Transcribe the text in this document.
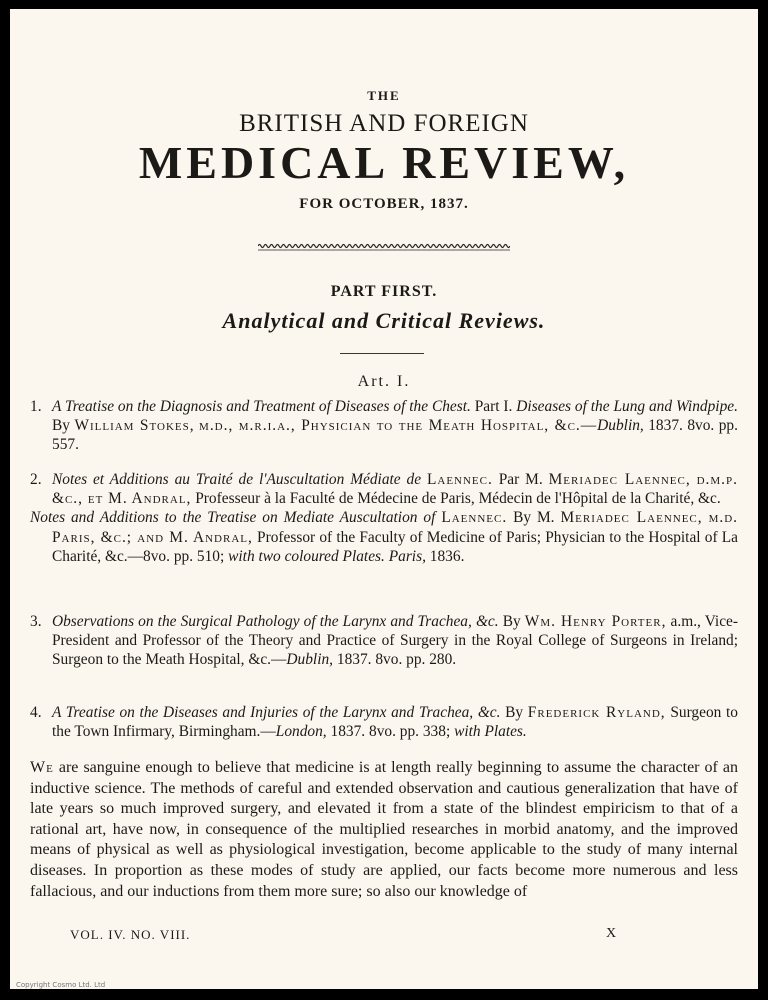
THE
BRITISH AND FOREIGN
MEDICAL REVIEW,
FOR OCTOBER, 1837.
PART FIRST.
Analytical and Critical Reviews.
Art. I.
1. A Treatise on the Diagnosis and Treatment of Diseases of the Chest. Part I. Diseases of the Lung and Windpipe. By William Stokes, m.d., m.r.i.a., Physician to the Meath Hospital, &c.—Dublin, 1837. 8vo. pp. 557.
2. Notes et Additions au Traité de l'Auscultation Médiate de Laennec. Par M. Meriadec Laennec, d.m.p. &c., et M. Andral, Professeur à la Faculté de Médecine de Paris, Médecin de l'Hôpital de la Charité, &c.
Notes and Additions to the Treatise on Mediate Auscultation of Laennec. By M. Meriadec Laennec, m.d. Paris, &c.; and M. Andral, Professor of the Faculty of Medicine of Paris; Physician to the Hospital of La Charité, &c.—8vo. pp. 510; with two coloured Plates. Paris, 1836.
3. Observations on the Surgical Pathology of the Larynx and Trachea, &c. By Wm. Henry Porter, a.m., Vice-President and Professor of the Theory and Practice of Surgery in the Royal College of Surgeons in Ireland; Surgeon to the Meath Hospital, &c.—Dublin, 1837. 8vo. pp. 280.
4. A Treatise on the Diseases and Injuries of the Larynx and Trachea, &c. By Frederick Ryland, Surgeon to the Town Infirmary, Birmingham.—London, 1837. 8vo. pp. 338; with Plates.
We are sanguine enough to believe that medicine is at length really beginning to assume the character of an inductive science. The methods of careful and extended observation and cautious generalization that have of late years so much improved surgery, and elevated it from a state of the blindest empiricism to that of a rational art, have now, in consequence of the multiplied researches in morbid anatomy, and the improved means of physical as well as physiological investigation, become applicable to the study of many internal diseases. In proportion as these modes of study are applied, our facts become more numerous and less fallacious, and our inductions from them more sure; so also our knowledge of
VOL. IV. NO. VIII.	X
Copyright Cosmo Ltd. Ltd
